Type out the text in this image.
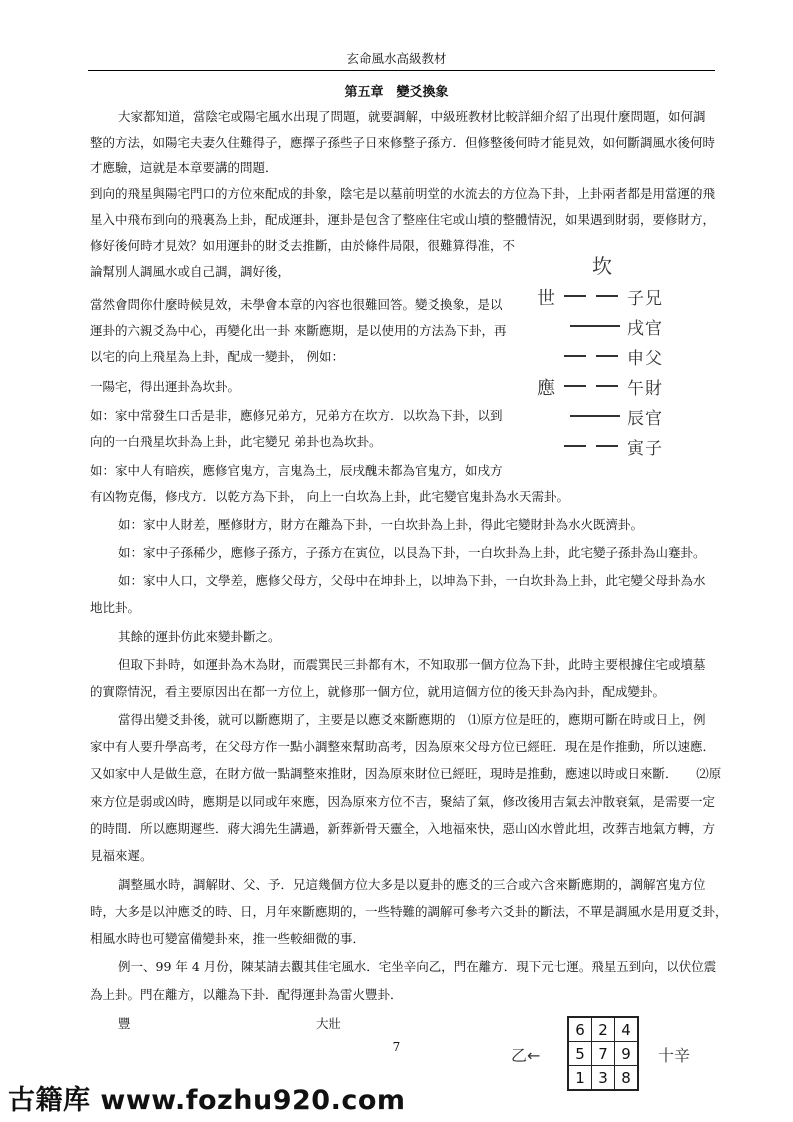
玄命風水高級教材
第五章　變爻換象
大家都知道，當陰宅或陽宅風水出現了問題，就要調解，中級班教材比較詳細介紹了出現什麼問題，如何調
整的方法，如陽宅夫妻久住難得子，應擇子孫些子日來修整子孫方．但修整後何時才能見效，如何斷調風水後何時
才應驗，這就是本章要講的問題．
到向的飛星與陽宅門口的方位來配成的卦象，陰宅是以墓前明堂的水流去的方位為下卦，上卦兩者都是用當運的飛
星入中飛布到向的飛裏為上卦，配成運卦，運卦是包含了整座住宅或山墳的整體情況，如果遇到財弱，要修財方，
修好後何時才見效？如用運卦的財爻去推斷，由於條件局限，很難算得准，不
論幫別人調風水或自己調，調好後，
當然會問你什麼時候見效，未學會本章的內容也很難回答。變爻換象，是以
運卦的六親爻為中心，再變化出一卦 來斷應期，是以使用的方法為下卦，再
以宅的向上飛星為上卦，配成一變卦， 例如：
一陽宅，得出運卦為坎卦。
如：家中常發生口舌是非，應修兄弟方，兄弟方在坎方．以坎為下卦，以到
向的一白飛星坎卦為上卦，此宅變兄 弟卦也為坎卦。
如：家中人有暗疾，應修官鬼方，言鬼為土，辰戌醜未都為官鬼方，如戌方
有凶物克傷，修戌方．以乾方為下卦， 向上一白坎為上卦，此宅變官鬼卦為水天需卦。
如：家中人財差，壓修財方，財方在離為下卦，一白坎卦為上卦，得此宅變財卦為水火既濟卦。
如：家中子孫稀少，應修子孫方，子孫方在寅位，以艮為下卦，一白坎卦為上卦，此宅變子孫卦為山蹇卦。
如：家中人口，文學差，應修父母方，父母中在坤卦上，以坤為下卦，一白坎卦為上卦，此宅變父母卦為水
地比卦。
其餘的運卦仿此來變卦斷之。
但取下卦時，如運卦為木為財，而震巽民三卦都有木，不知取那一個方位為下卦，此時主要根據住宅或墳墓
的實際情況，看主要原因出在都一方位上，就修那一個方位，就用這個方位的後天卦為內卦，配成變卦。
當得出變爻卦後，就可以斷應期了，主要是以應爻來斷應期的　⑴原方位是旺的，應期可斷在時或日上，例
家中有人要升學高考，在父母方作一點小調整來幫助高考，因為原來父母方位已經旺．現在是作推動，所以速應．
又如家中人是做生意，在財方做一點調整來推財，因為原來財位已經旺，現時是推動，應速以時或日來斷．　　⑵原
來方位是弱或凶時，應期是以同或年來應，因為原來方位不吉，聚結了氣，修改後用吉氣去沖散衰氣，是需要一定
的時間．所以應期遲些．蔣大鴻先生講過，新葬新骨天靈全，入地福來快，惡山凶水曾此坦，改葬吉地氣方轉，方
見福來遲。
調整風水時，調解財、父、予．兄這幾個方位大多是以夏卦的應爻的三合或六含來斷應期的，調解宮鬼方位
時，大多是以沖應爻的時、日，月年來斷應期的，一些特難的調解可參考六爻卦的斷法，不單是調風水是用夏爻卦，
相風水時也可變富備變卦來，推一些較細微的事．
例一、99 年 4 月份，陳某請去觀其佳宅風水．宅坐辛向乙，門在離方．現下元七運。飛星五到向，以伏位震
為上卦。門在離方，以離為下卦．配得運卦為雷火豐卦．
豐	大壯
坎
世	子兄
戌官
申父
應	午財
辰官
寅子
7	乙←
6	2	4
5	7	9
1	3	8
十辛
古籍库 www.fozhu920.com
